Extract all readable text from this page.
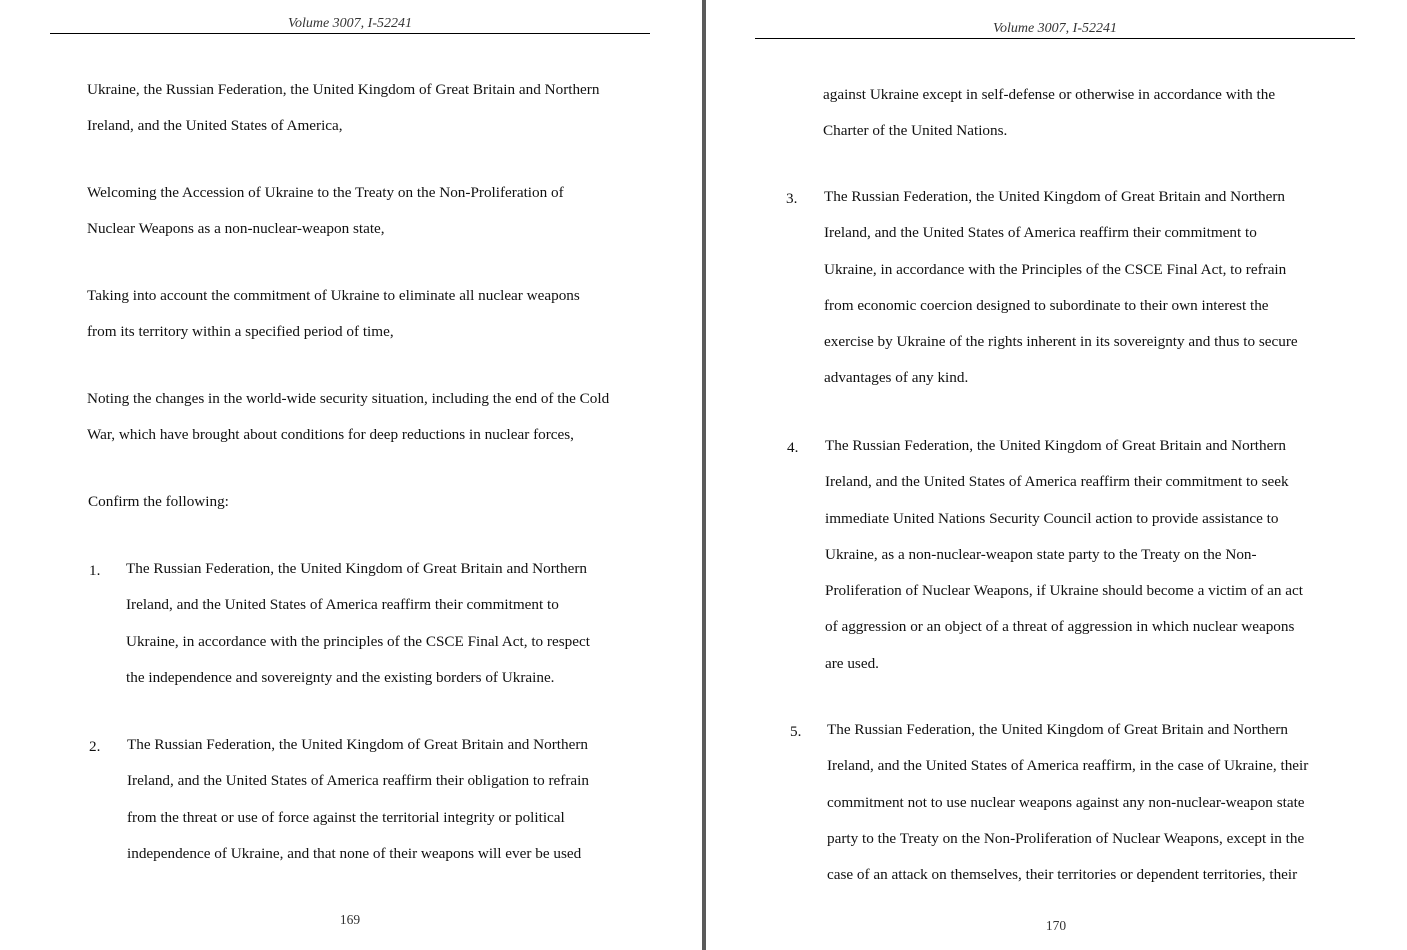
Volume 3007, I-52241
Ukraine, the Russian Federation, the United Kingdom of Great Britain and Northern
Ireland, and the United States of America,
Welcoming the Accession of Ukraine to the Treaty on the Non-Proliferation of
Nuclear Weapons as a non-nuclear-weapon state,
Taking into account the commitment of Ukraine to eliminate all nuclear weapons
from its territory within a specified period of time,
Noting the changes in the world-wide security situation, including the end of the Cold
War, which have brought about conditions for deep reductions in nuclear forces,
Confirm the following:
1. The Russian Federation, the United Kingdom of Great Britain and Northern
Ireland, and the United States of America reaffirm their commitment to
Ukraine, in accordance with the principles of the CSCE Final Act, to respect
the independence and sovereignty and the existing borders of Ukraine.
2. The Russian Federation, the United Kingdom of Great Britain and Northern
Ireland, and the United States of America reaffirm their obligation to refrain
from the threat or use of force against the territorial integrity or political
independence of Ukraine, and that none of their weapons will ever be used
169
Volume 3007, I-52241
against Ukraine except in self-defense or otherwise in accordance with the
Charter of the United Nations.
3. The Russian Federation, the United Kingdom of Great Britain and Northern
Ireland, and the United States of America reaffirm their commitment to
Ukraine, in accordance with the Principles of the CSCE Final Act, to refrain
from economic coercion designed to subordinate to their own interest the
exercise by Ukraine of the rights inherent in its sovereignty and thus to secure
advantages of any kind.
4. The Russian Federation, the United Kingdom of Great Britain and Northern
Ireland, and the United States of America reaffirm their commitment to seek
immediate United Nations Security Council action to provide assistance to
Ukraine, as a non-nuclear-weapon state party to the Treaty on the Non-
Proliferation of Nuclear Weapons, if Ukraine should become a victim of an act
of aggression or an object of a threat of aggression in which nuclear weapons
are used.
5. The Russian Federation, the United Kingdom of Great Britain and Northern
Ireland, and the United States of America reaffirm, in the case of Ukraine, their
commitment not to use nuclear weapons against any non-nuclear-weapon state
party to the Treaty on the Non-Proliferation of Nuclear Weapons, except in the
case of an attack on themselves, their territories or dependent territories, their
170
